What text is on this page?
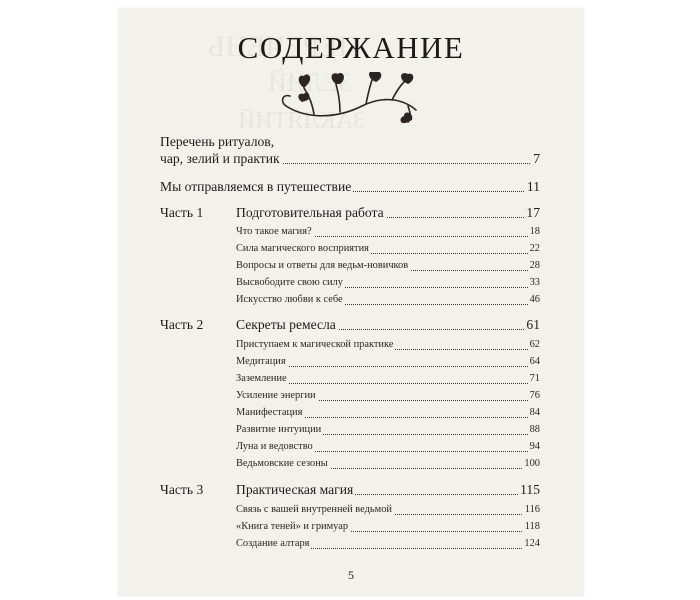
СОДЕРЖАНИЕ
Перечень ритуалов,
чар, зелий и практик	7
Мы отправляемся в путешествие	11
Часть 1 Подготовительная работа	17
Что такое магия?	18
Сила магического восприятия	22
Вопросы и ответы для ведьм-новичков	28
Высвободите свою силу	33
Искусство любви к себе	46
Часть 2 Секреты ремесла	61
Приступаем к магической практике	62
Медитация	64
Заземление	71
Усиление энергии	76
Манифестация	84
Развитие интуиции	88
Луна и ведовство	94
Ведьмовские сезоны	100
Часть 3 Практическая магия	115
Связь с вашей внутренней ведьмой	116
«Книга теней» и гримуар	118
Создание алтаря	124
5
